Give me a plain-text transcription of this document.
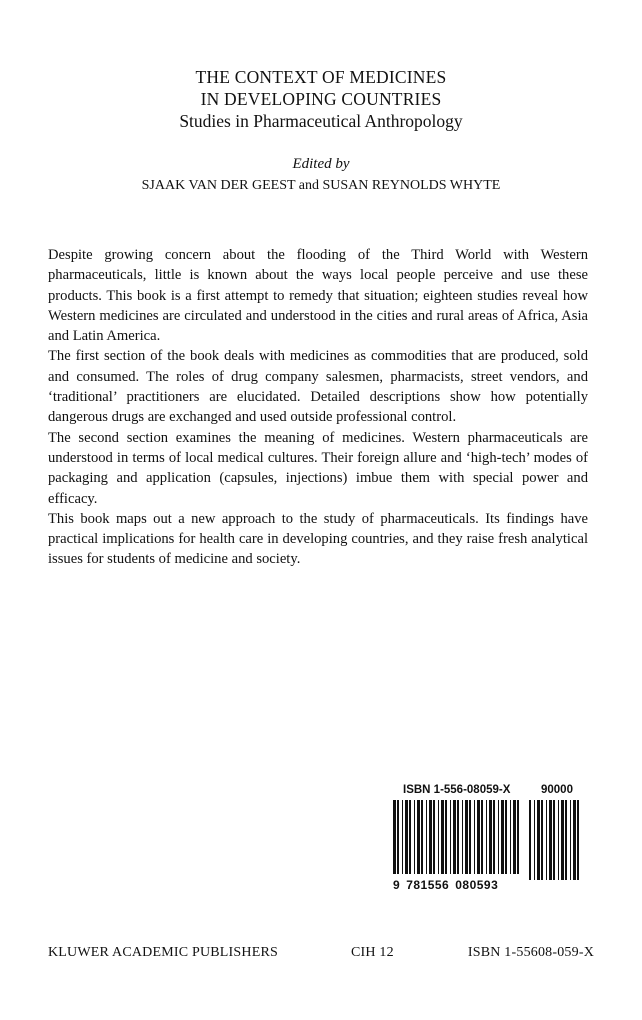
THE CONTEXT OF MEDICINES
IN DEVELOPING COUNTRIES
Studies in Pharmaceutical Anthropology
Edited by
SJAAK VAN DER GEEST and SUSAN REYNOLDS WHYTE

Despite growing concern about the flooding of the Third World with Western pharmaceuticals, little is known about the ways local people perceive and use these products. This book is a first attempt to remedy that situation; eighteen studies reveal how Western medicines are circulated and understood in the cities and rural areas of Africa, Asia and Latin America.

The first section of the book deals with medicines as commodities that are produced, sold and consumed. The roles of drug company salesmen, pharmacists, street vendors, and ‘traditional’ practitioners are elucidated. Detailed descriptions show how potentially dangerous drugs are exchanged and used outside professional control.

The second section examines the meaning of medicines. Western pharmaceuticals are understood in terms of local medical cultures. Their foreign allure and ‘high-tech’ modes of packaging and application (capsules, injections) imbue them with special power and efficacy.

This book maps out a new approach to the study of pharmaceuticals. Its findings have practical implications for health care in developing countries, and they raise fresh analytical issues for students of medicine and society.

ISBN 1-556-08059-X	90000
9 781556 080593
KLUWER ACADEMIC PUBLISHERS	CIH 12	ISBN 1-55608-059-X
